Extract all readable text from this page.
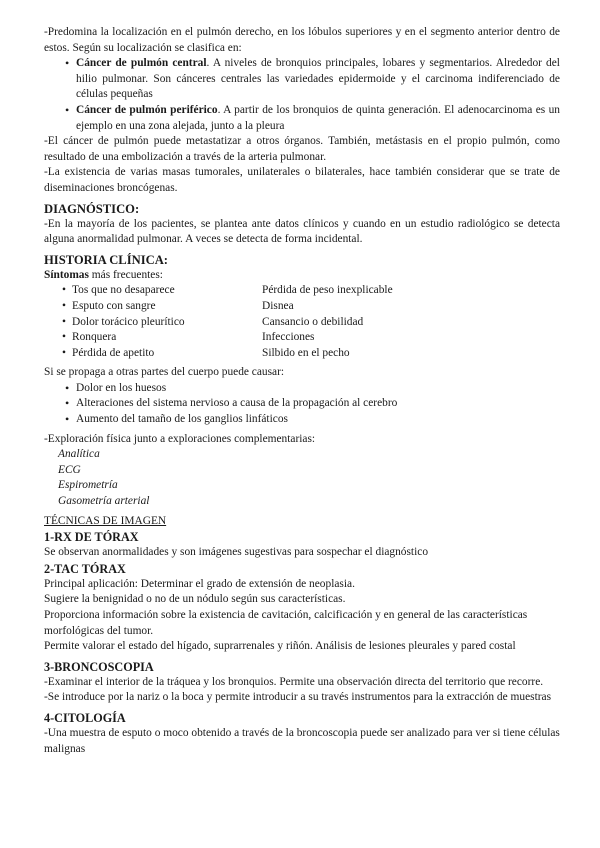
-Predomina la localización en el pulmón derecho, en los lóbulos superiores y en el segmento anterior dentro de estos. Según su localización se clasifica en:

• Cáncer de pulmón central. A niveles de bronquios principales, lobares y segmentarios. Alrededor del hilio pulmonar. Son cánceres centrales las variedades epidermoide y el carcinoma indiferenciado de células pequeñas
• Cáncer de pulmón periférico. A partir de los bronquios de quinta generación. El adenocarcinoma es un ejemplo en una zona alejada, junto a la pleura

-El cáncer de pulmón puede metastatizar a otros órganos. También, metástasis en el propio pulmón, como resultado de una embolización a través de la arteria pulmonar.

-La existencia de varias masas tumorales, unilaterales o bilaterales, hace también considerar que se trate de diseminaciones broncógenas.

DIAGNÓSTICO:

-En la mayoría de los pacientes, se plantea ante datos clínicos y cuando en un estudio radiológico se detecta alguna anormalidad pulmonar. A veces se detecta de forma incidental.

HISTORIA CLÍNICA:

Síntomas más frecuentes:

• Tos que no desaparece	Pérdida de peso inexplicable
• Esputo con sangre	Disnea
• Dolor torácico pleurítico	Cansancio o debilidad
• Ronquera	Infecciones
• Pérdida de apetito	Silbido en el pecho

Si se propaga a otras partes del cuerpo puede causar:

• Dolor en los huesos
• Alteraciones del sistema nervioso a causa de la propagación al cerebro
• Aumento del tamaño de los ganglios linfáticos

-Exploración física junto a exploraciones complementarias:

Analítica
ECG
Espirometría
Gasometría arterial

TÉCNICAS DE IMAGEN

1-RX DE TÓRAX

Se observan anormalidades y son imágenes sugestivas para sospechar el diagnóstico

2-TAC TÓRAX

Principal aplicación: Determinar el grado de extensión de neoplasia.

Sugiere la benignidad o no de un nódulo según sus características.

Proporciona información sobre la existencia de cavitación, calcificación y en general de las características morfológicas del tumor.

Permite valorar el estado del hígado, suprarrenales y riñón. Análisis de lesiones pleurales y pared costal

3-BRONCOSCOPIA

-Examinar el interior de la tráquea y los bronquios. Permite una observación directa del territorio que recorre.

-Se introduce por la nariz o la boca y permite introducir a su través instrumentos para la extracción de muestras

4-CITOLOGÍA

-Una muestra de esputo o moco obtenido a través de la broncoscopia puede ser analizado para ver si tiene células malignas
